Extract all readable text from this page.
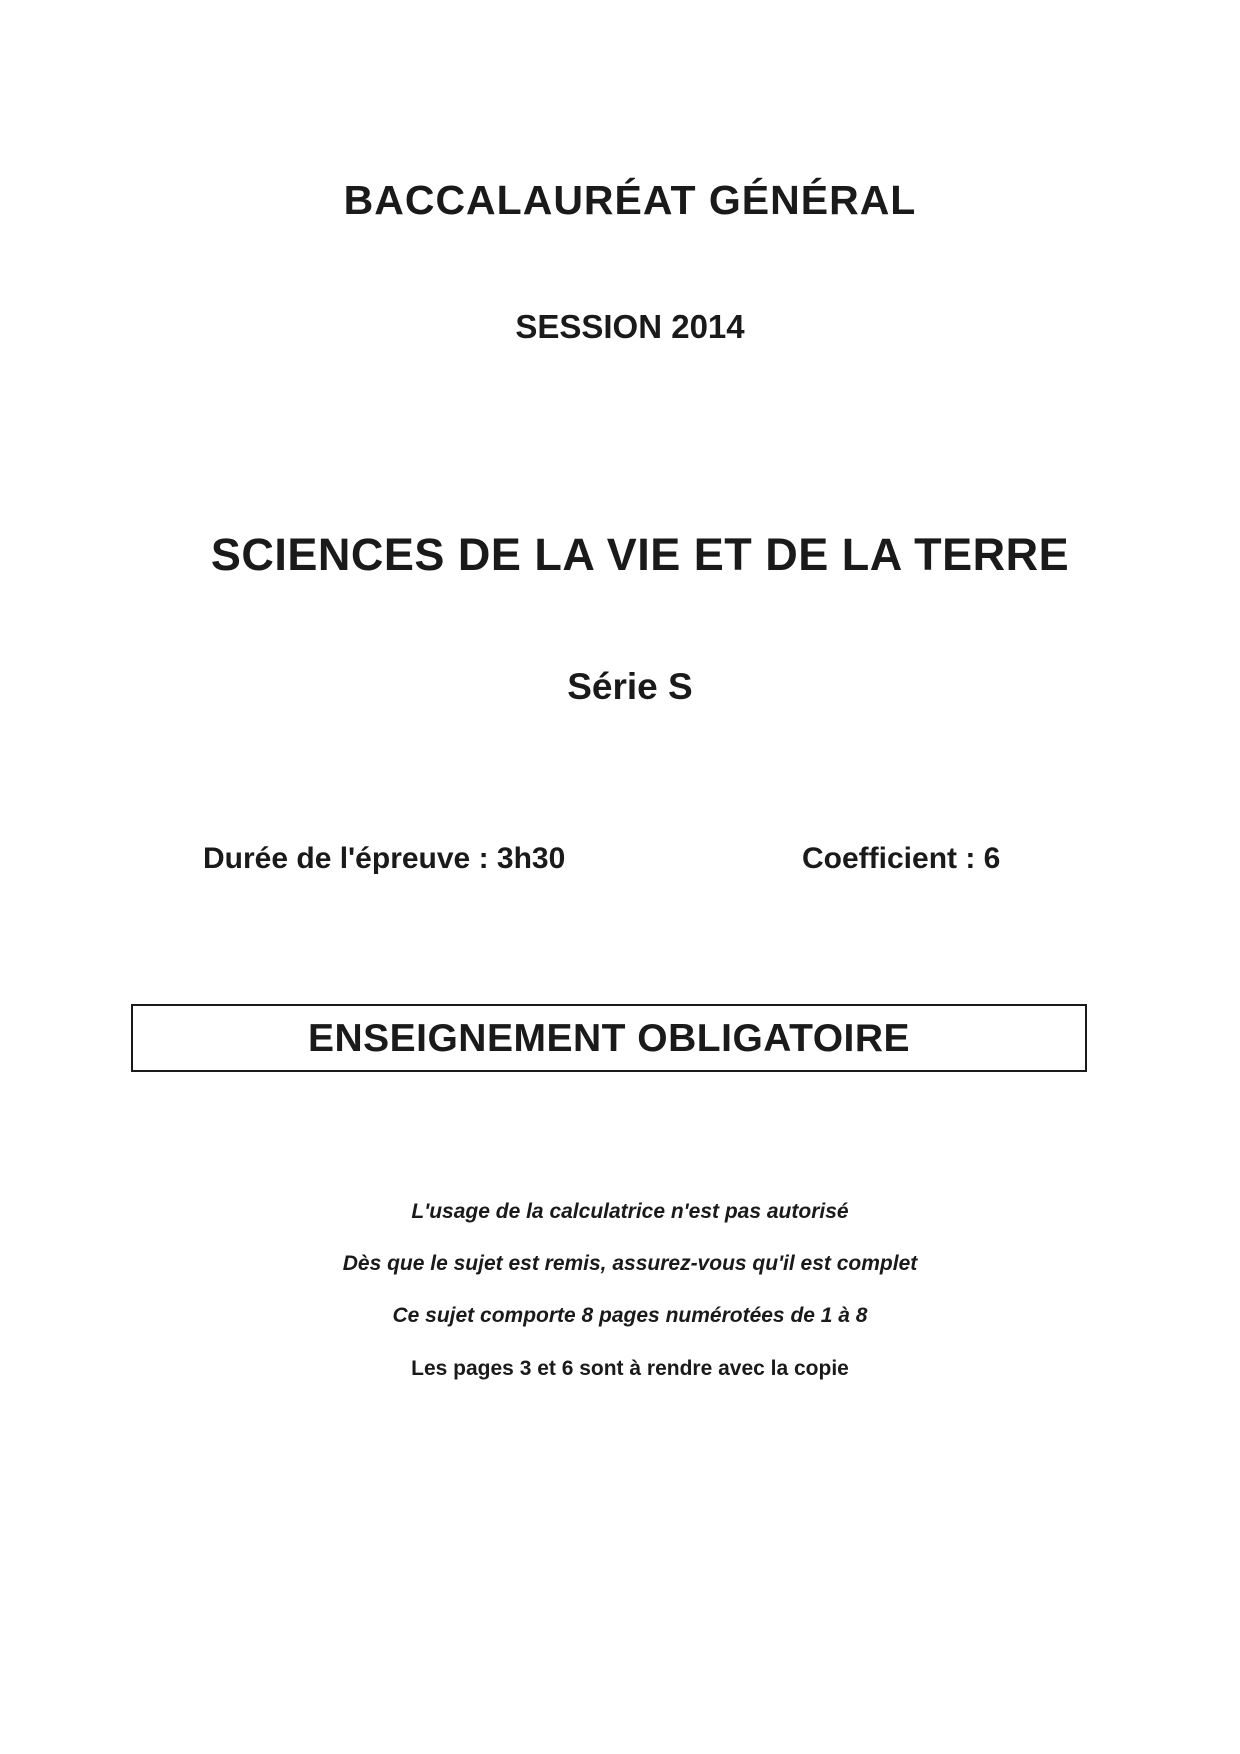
BACCALAURÉAT GÉNÉRAL
SESSION 2014
SCIENCES DE LA VIE ET DE LA TERRE
Série S
Durée de l'épreuve : 3h30	Coefficient : 6
ENSEIGNEMENT OBLIGATOIRE
L'usage de la calculatrice n'est pas autorisé
Dès que le sujet est remis, assurez-vous qu'il est complet
Ce sujet comporte 8 pages numérotées de 1 à 8
Les pages 3 et 6 sont à rendre avec la copie
